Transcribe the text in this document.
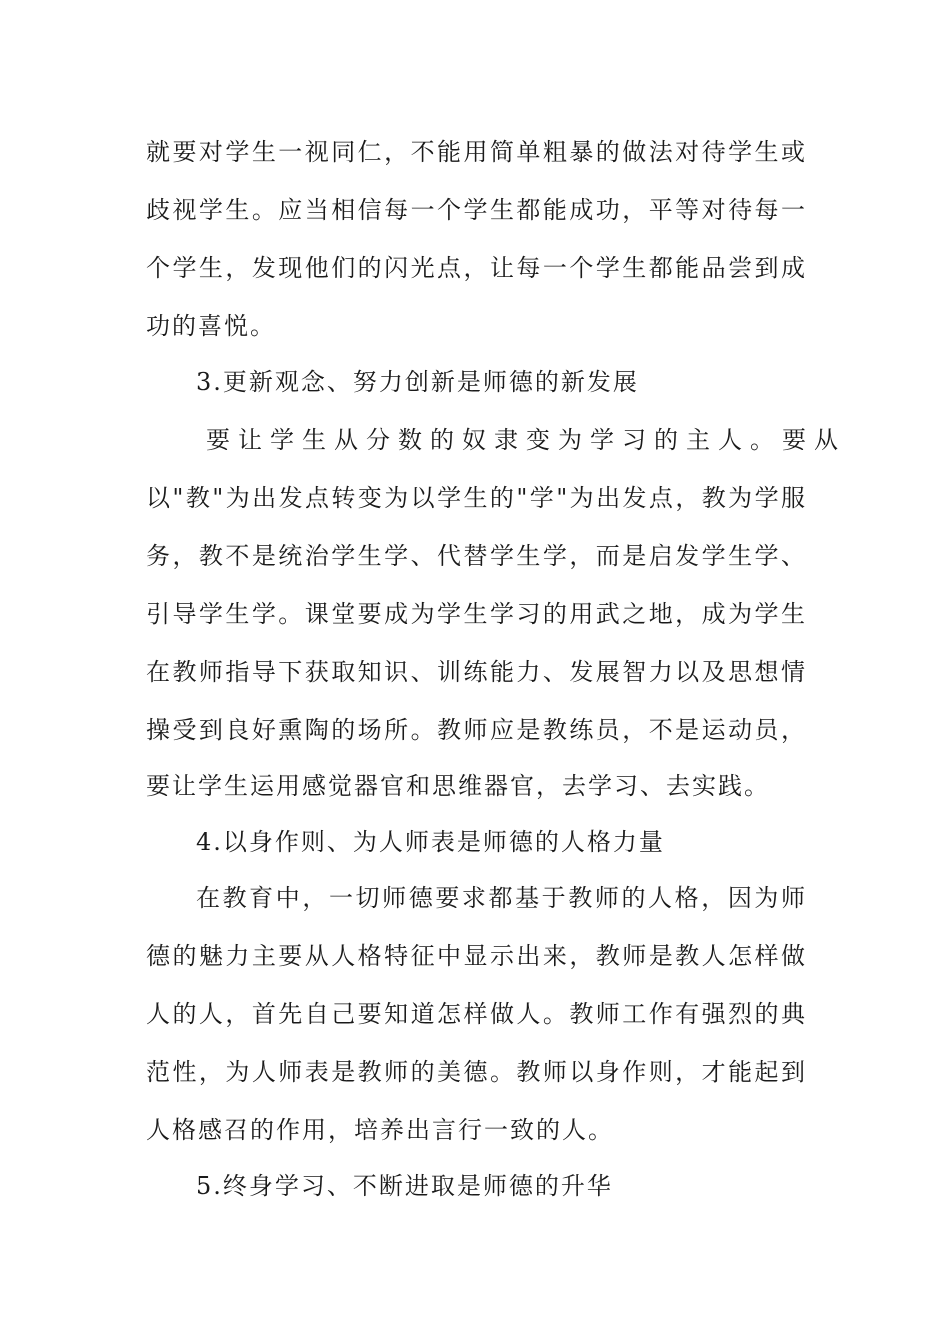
就要对学生一视同仁，不能用简单粗暴的做法对待学生或
歧视学生。应当相信每一个学生都能成功，平等对待每一
个学生，发现他们的闪光点，让每一个学生都能品尝到成
功的喜悦。
3.更新观念、努力创新是师德的新发展
要让学生从分数的奴隶变为学习的主人。要从
以"教"为出发点转变为以学生的"学"为出发点，教为学服
务，教不是统治学生学、代替学生学，而是启发学生学、
引导学生学。课堂要成为学生学习的用武之地，成为学生
在教师指导下获取知识、训练能力、发展智力以及思想情
操受到良好熏陶的场所。教师应是教练员，不是运动员，
要让学生运用感觉器官和思维器官，去学习、去实践。
4.以身作则、为人师表是师德的人格力量
在教育中，一切师德要求都基于教师的人格，因为师
德的魅力主要从人格特征中显示出来，教师是教人怎样做
人的人，首先自己要知道怎样做人。教师工作有强烈的典
范性，为人师表是教师的美德。教师以身作则，才能起到
人格感召的作用，培养出言行一致的人。
5.终身学习、不断进取是师德的升华
